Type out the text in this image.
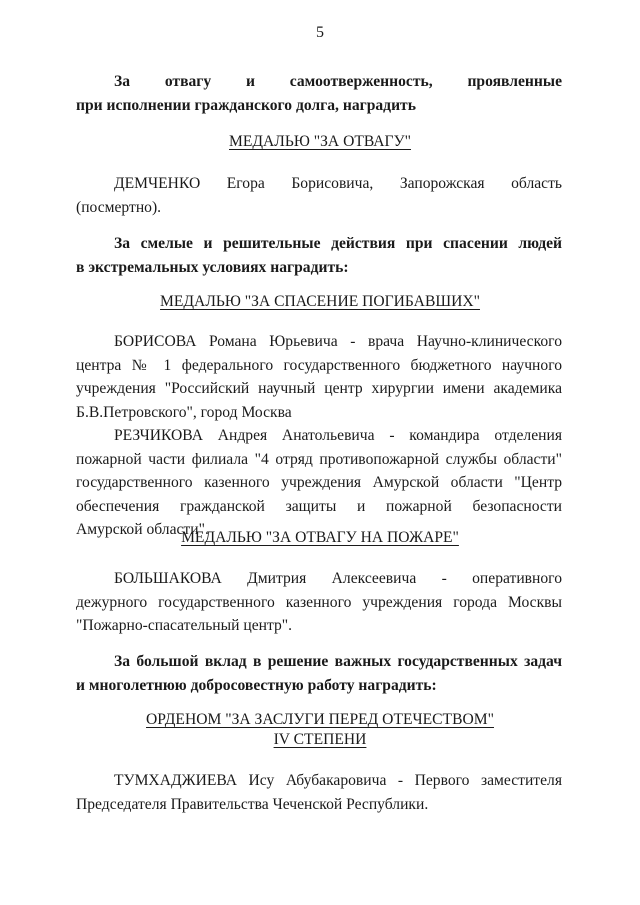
5
За отвагу и самоотверженность, проявленные
при исполнении гражданского долга, наградить
МЕДАЛЬЮ "ЗА ОТВАГУ"
ДЕМЧЕНКО Егора Борисовича, Запорожская область
(посмертно).
За смелые и решительные действия при спасении людей
в экстремальных условиях наградить:
МЕДАЛЬЮ "ЗА СПАСЕНИЕ ПОГИБАВШИХ"
БОРИСОВА Романа Юрьевича - врача Научно-клинического
центра № 1 федерального государственного бюджетного научного
учреждения "Российский научный центр хирургии имени академика
Б.В.Петровского", город Москва
РЕЗЧИКОВА Андрея Анатольевича - командира отделения
пожарной части филиала "4 отряд противопожарной службы области"
государственного казенного учреждения Амурской области "Центр
обеспечения гражданской защиты и пожарной безопасности
Амурской области".
МЕДАЛЬЮ "ЗА ОТВАГУ НА ПОЖАРЕ"
БОЛЬШАКОВА Дмитрия Алексеевича - оперативного
дежурного государственного казенного учреждения города Москвы
"Пожарно-спасательный центр".
За большой вклад в решение важных государственных задач
и многолетнюю добросовестную работу наградить:
ОРДЕНОМ "ЗА ЗАСЛУГИ ПЕРЕД ОТЕЧЕСТВОМ"
IV СТЕПЕНИ
ТУМХАДЖИЕВА Ису Абубакаровича - Первого заместителя
Председателя Правительства Чеченской Республики.
